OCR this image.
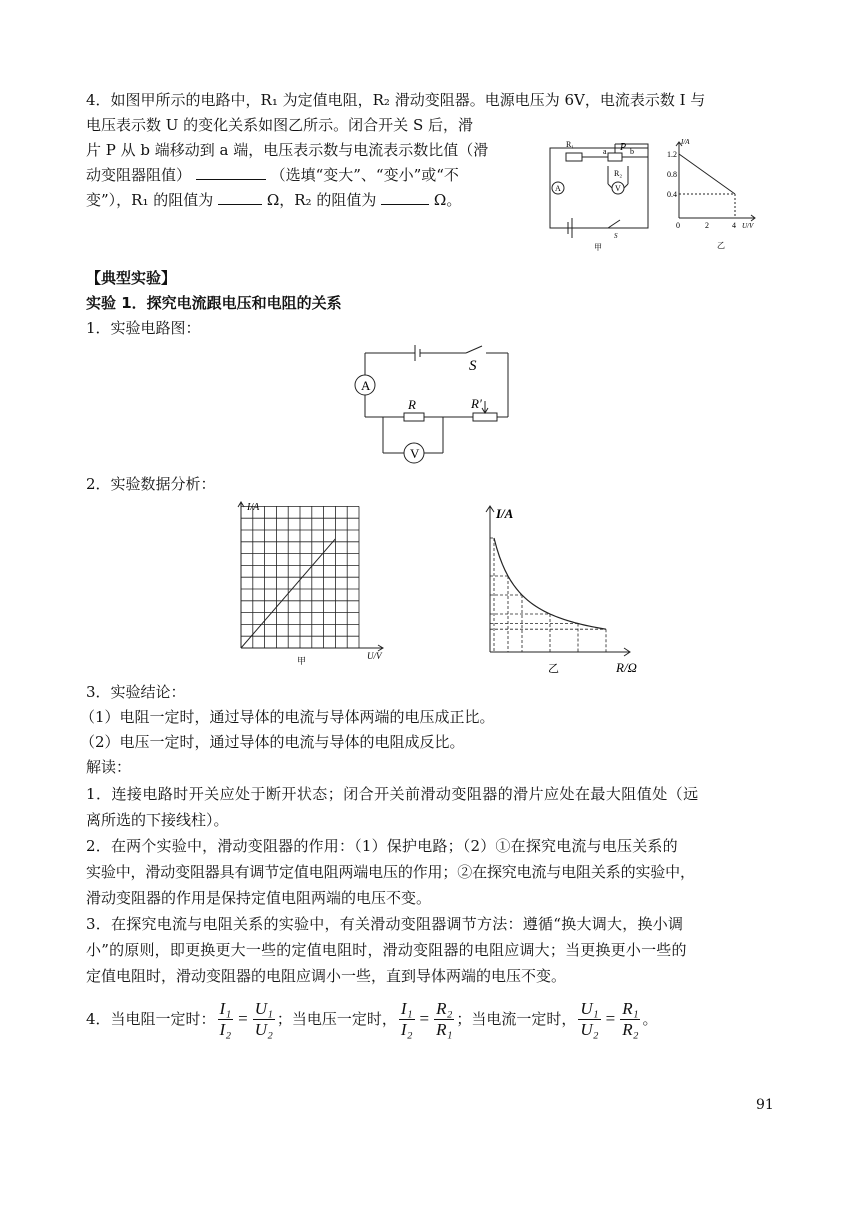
4．如图甲所示的电路中，R₁ 为定值电阻，R₂ 滑动变阻器。电源电压为 6V，电流表示数 I 与
电压表示数 U 的变化关系如图乙所示。闭合开关 S 后，滑
片 P 从 b 端移动到 a 端，电压表示数与电流表示数比值（滑
动变阻器阻值）	（选填“变大”、“变小”或“不
变”），R₁ 的阻值为	Ω，R₂ 的阻值为	Ω。
R₁
a P b
R₂
A	V
S
甲
I/A
U/V
1.2
0.8
0.4
0	2	4
乙
【典型实验】
实验 1．探究电流跟电压和电阻的关系
1．实验电路图：
S
A
R	R′
V
2．实验数据分析：
I/A
U/V
甲
I/A
R/Ω
乙
3．实验结论：
（1）电阻一定时，通过导体的电流与导体两端的电压成正比。
（2）电压一定时，通过导体的电流与导体的电阻成反比。
解读：
1．连接电路时开关应处于断开状态；闭合开关前滑动变阻器的滑片应处在最大阻值处（远
离所选的下接线柱）。
2．在两个实验中，滑动变阻器的作用：（1）保护电路；（2）①在探究电流与电压关系的
实验中，滑动变阻器具有调节定值电阻两端电压的作用；②在探究电流与电阻关系的实验中，
滑动变阻器的作用是保持定值电阻两端的电压不变。
3．在探究电流与电阻关系的实验中，有关滑动变阻器调节方法：遵循“换大调大，换小调
小”的原则，即更换更大一些的定值电阻时，滑动变阻器的电阻应调大；当更换更小一些的
定值电阻时，滑动变阻器的电阻应调小一些，直到导体两端的电压不变。
4．当电阻一定时： $\frac{\text{I₁}}{\text{I₂}} = \frac{\text{U₁}}{\text{U₂}}$ ；当电压一定时， $\frac{\text{I₁}}{\text{I₂}} = \frac{\text{R₂}}{\text{R₁}}$ ；当电流一定时， $\frac{\text{U₁}}{\text{U₂}} = \frac{\text{R₁}}{\text{R₂}}$ 。
91
